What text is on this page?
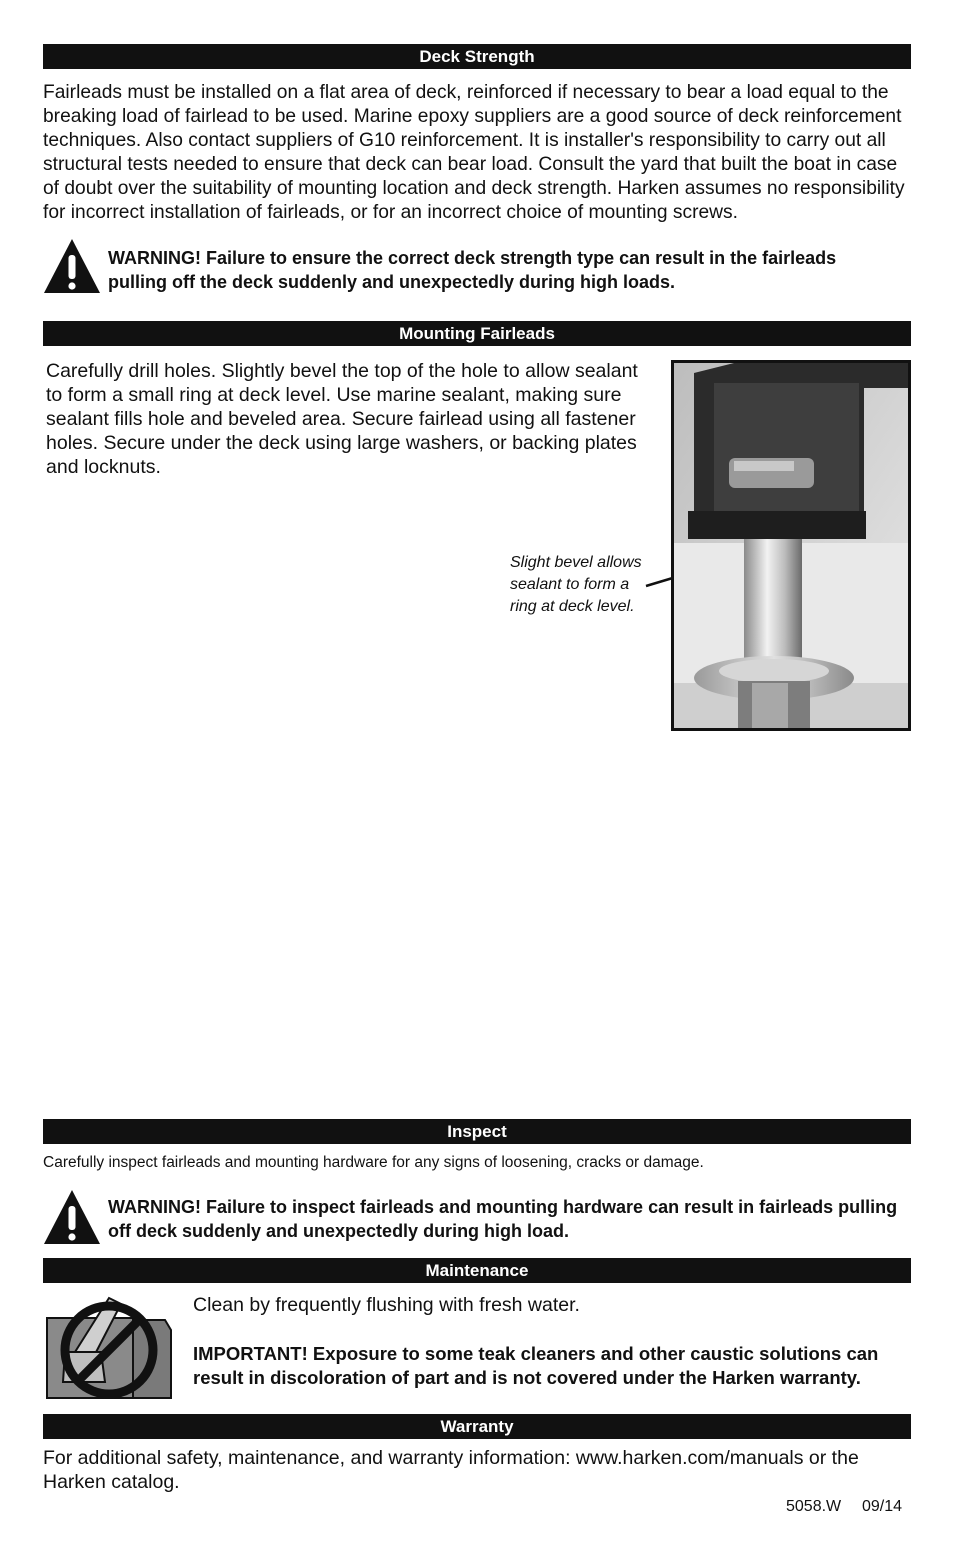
Deck Strength
Fairleads must be installed on a flat area of deck, reinforced if necessary to bear a load equal to the breaking load of fairlead to be used. Marine epoxy suppliers are a good source of deck reinforcement techniques. Also contact suppliers of G10 reinforcement. It is installer's responsibility to carry out all structural tests needed to ensure that deck can bear load. Consult the yard that built the boat in case of doubt over the suitability of mounting location and deck strength. Harken assumes no responsibility for incorrect installation of fairleads, or for an incorrect choice of mounting screws.
WARNING! Failure to ensure the correct deck strength type can result in the fairleads pulling off the deck suddenly and unexpectedly during high loads.
Mounting Fairleads
Carefully drill holes. Slightly bevel the top of the hole to allow sealant to form a small ring at deck level. Use marine sealant, making sure sealant fills hole and beveled area. Secure fairlead using all fastener holes. Secure under the deck using large washers, or backing plates and locknuts.
Slight bevel allows sealant to form a ring at deck level.
Inspect
Carefully inspect fairleads and mounting hardware for any signs of loosening, cracks or damage.
WARNING! Failure to inspect fairleads and mounting hardware can result in fairleads pulling off deck suddenly and unexpectedly during high load.
Maintenance
Clean by frequently flushing with fresh water.
IMPORTANT! Exposure to some teak cleaners and other caustic solutions can result in discoloration of part and is not covered under the Harken warranty.
Warranty
For additional safety, maintenance, and warranty information: www.harken.com/manuals or the Harken catalog.
5058.W 09/14
